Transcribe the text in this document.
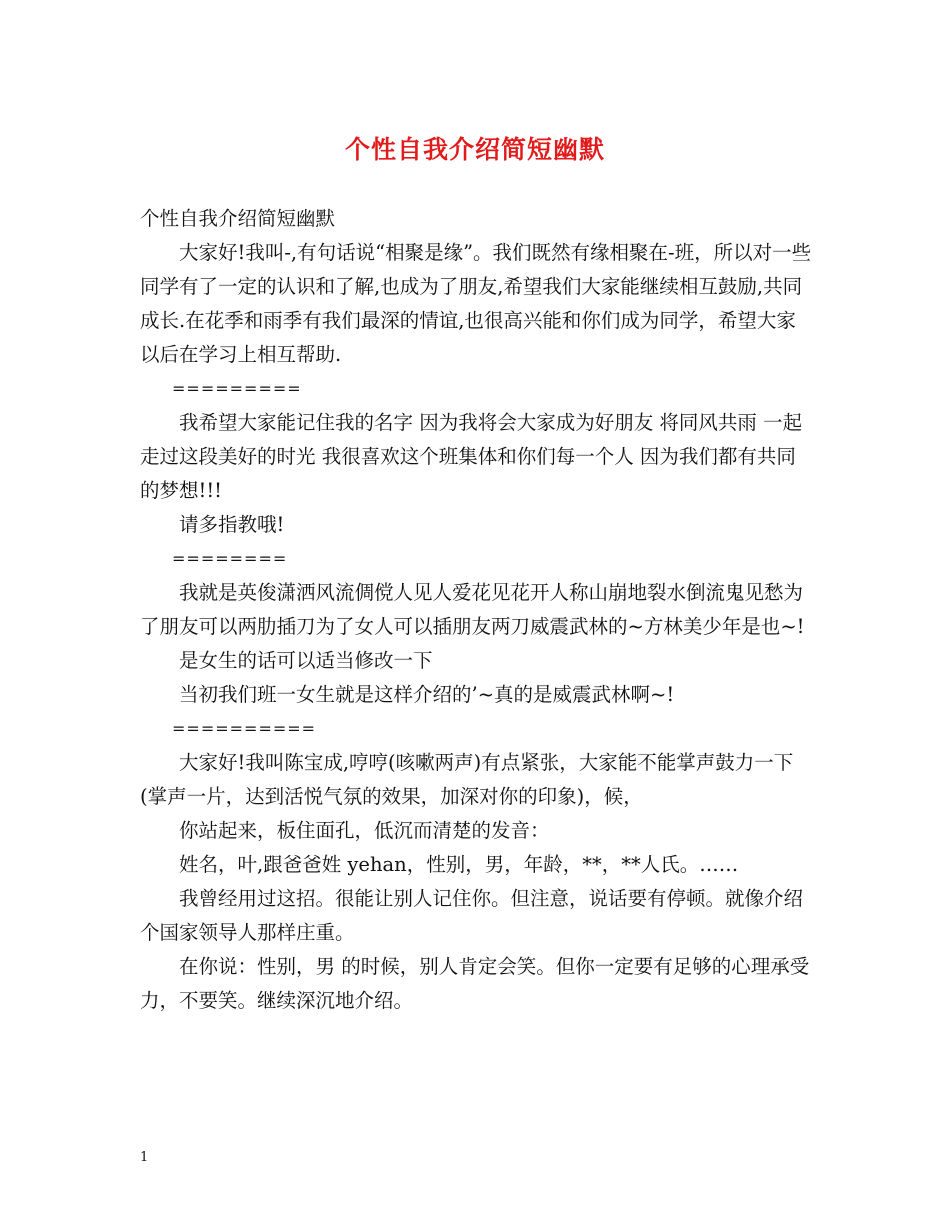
个性自我介绍简短幽默

个性自我介绍简短幽默

大家好!我叫-,有句话说“相聚是缘”。我们既然有缘相聚在-班，所以对一些同学有了一定的认识和了解,也成为了朋友,希望我们大家能继续相互鼓励,共同成长.在花季和雨季有我们最深的情谊,也很高兴能和你们成为同学，希望大家以后在学习上相互帮助.

=========

我希望大家能记住我的名字 因为我将会大家成为好朋友 将同风共雨 一起走过这段美好的时光 我很喜欢这个班集体和你们每一个人 因为我们都有共同的梦想!!!

请多指教哦!

========

我就是英俊潇洒风流倜傥人见人爱花见花开人称山崩地裂水倒流鬼见愁为了朋友可以两肋插刀为了女人可以插朋友两刀威震武林的~方林美少年是也~!

是女生的话可以适当修改一下

当初我们班一女生就是这样介绍的’~真的是威震武林啊~!

==========

大家好!我叫陈宝成,哼哼(咳嗽两声)有点紧张，大家能不能掌声鼓力一下(掌声一片，达到活悦气氛的效果，加深对你的印象)，候，

你站起来，板住面孔，低沉而清楚的发音：

姓名，叶,跟爸爸姓 yehan，性别，男，年龄，**，**人氏。……

我曾经用过这招。很能让别人记住你。但注意，说话要有停顿。就像介绍个国家领导人那样庄重。

在你说：性别，男 的时候，别人肯定会笑。但你一定要有足够的心理承受力，不要笑。继续深沉地介绍。

1
